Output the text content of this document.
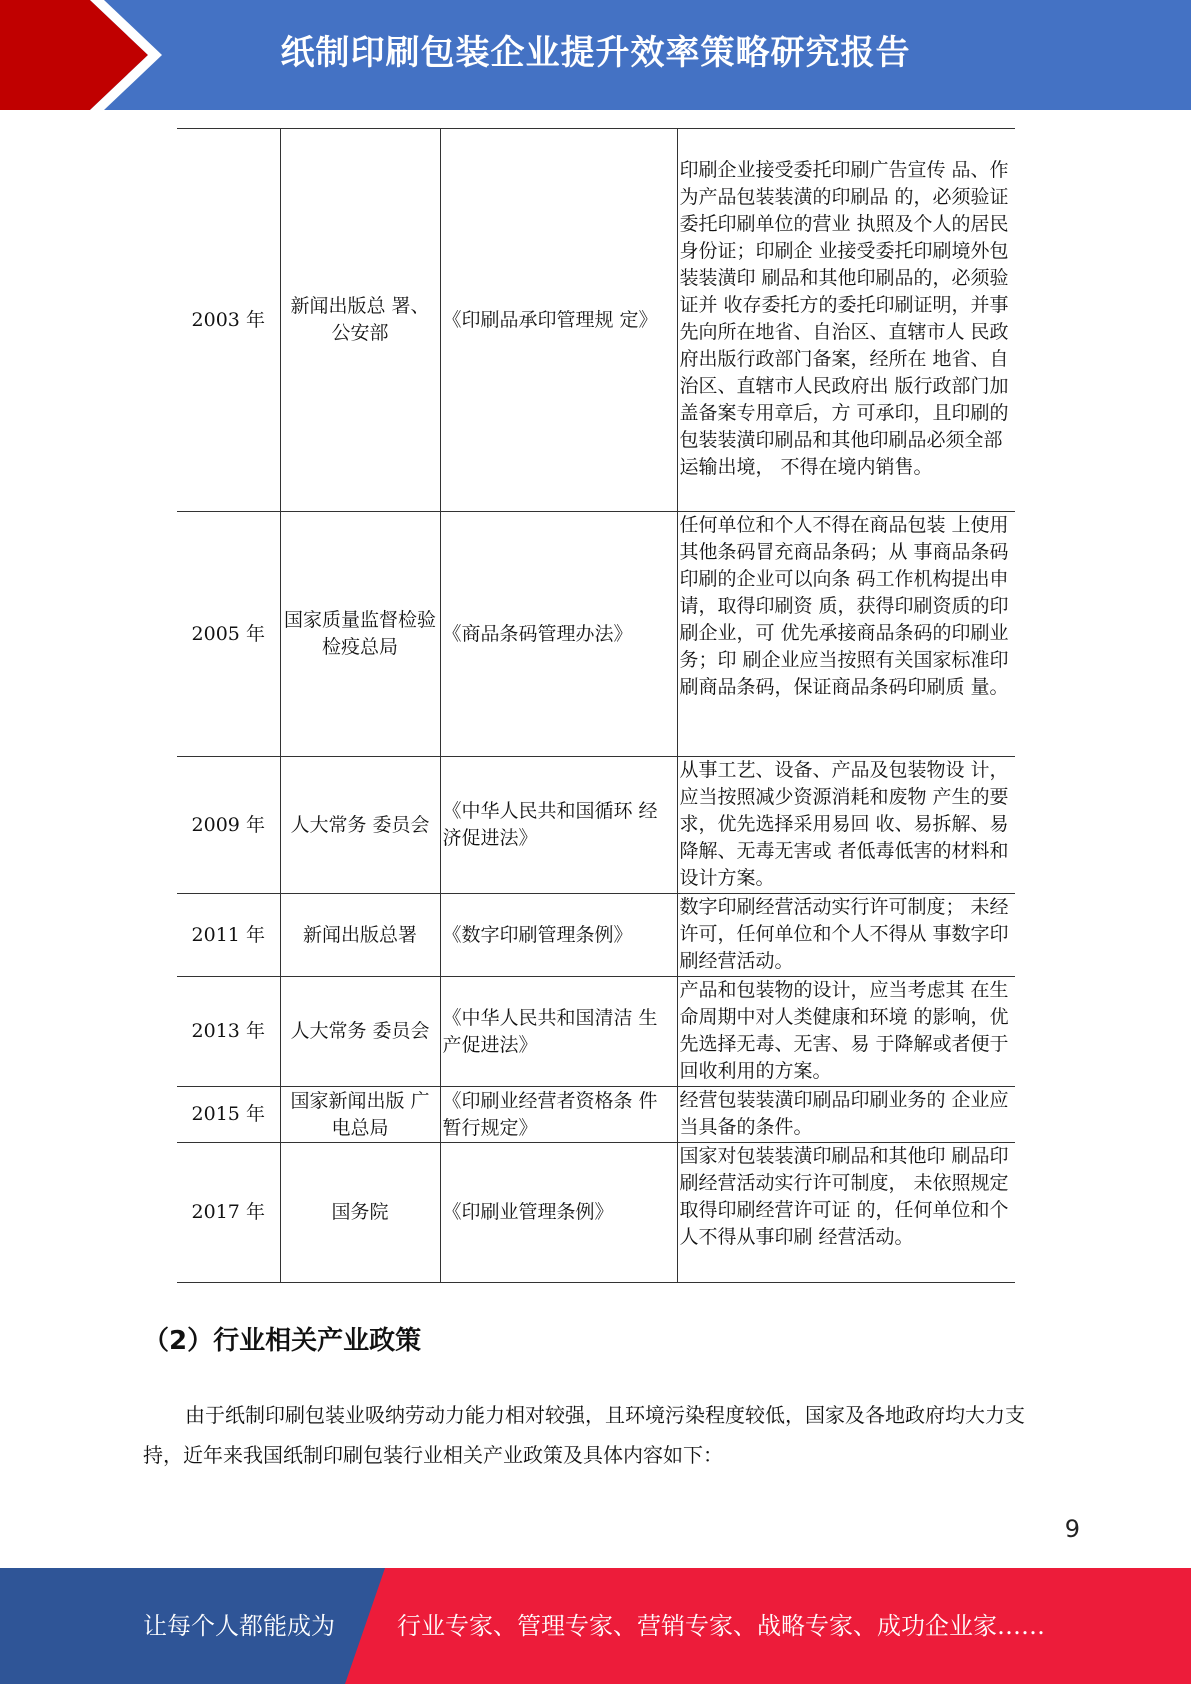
纸制印刷包装企业提升效率策略研究报告
2003 年	新闻出版总 署、公安部	《印刷品承印管理规 定》	印刷企业接受委托印刷广告宣传 品、作为产品包装装潢的印刷品 的，必须验证委托印刷单位的营业 执照及个人的居民身份证；印刷企 业接受委托印刷境外包装装潢印 刷品和其他印刷品的，必须验证并 收存委托方的委托印刷证明，并事 先向所在地省、自治区、直辖市人 民政府出版行政部门备案，经所在 地省、自治区、直辖市人民政府出 版行政部门加盖备案专用章后，方 可承印，且印刷的包装装潢印刷品和其他印刷品必须全部运输出境， 不得在境内销售。
2005 年	国家质量监督检验检疫总局	《商品条码管理办法》	任何单位和个人不得在商品包装 上使用其他条码冒充商品条码；从 事商品条码印刷的企业可以向条 码工作机构提出申请，取得印刷资 质，获得印刷资质的印刷企业，可 优先承接商品条码的印刷业务；印 刷企业应当按照有关国家标准印 刷商品条码，保证商品条码印刷质 量。
2009 年	人大常务 委员会	《中华人民共和国循环 经济促进法》	从事工艺、设备、产品及包装物设 计，应当按照减少资源消耗和废物 产生的要求，优先选择采用易回 收、易拆解、易降解、无毒无害或 者低毒低害的材料和设计方案。
2011 年	新闻出版总署	《数字印刷管理条例》	数字印刷经营活动实行许可制度； 未经许可，任何单位和个人不得从 事数字印刷经营活动。
2013 年	人大常务 委员会	《中华人民共和国清洁 生产促进法》	产品和包装物的设计，应当考虑其 在生命周期中对人类健康和环境 的影响，优先选择无毒、无害、易 于降解或者便于回收利用的方案。
2015 年	国家新闻出版 广电总局	《印刷业经营者资格条 件暂行规定》	经营包装装潢印刷品印刷业务的 企业应当具备的条件。
2017 年	国务院	《印刷业管理条例》	国家对包装装潢印刷品和其他印 刷品印刷经营活动实行许可制度， 未依照规定取得印刷经营许可证 的，任何单位和个人不得从事印刷 经营活动。
（2）行业相关产业政策

由于纸制印刷包装业吸纳劳动力能力相对较强，且环境污染程度较低，国家及各地政府均大力支持，近年来我国纸制印刷包装行业相关产业政策及具体内容如下：

9
让每个人都能成为	行业专家、管理专家、营销专家、战略专家、成功企业家……
